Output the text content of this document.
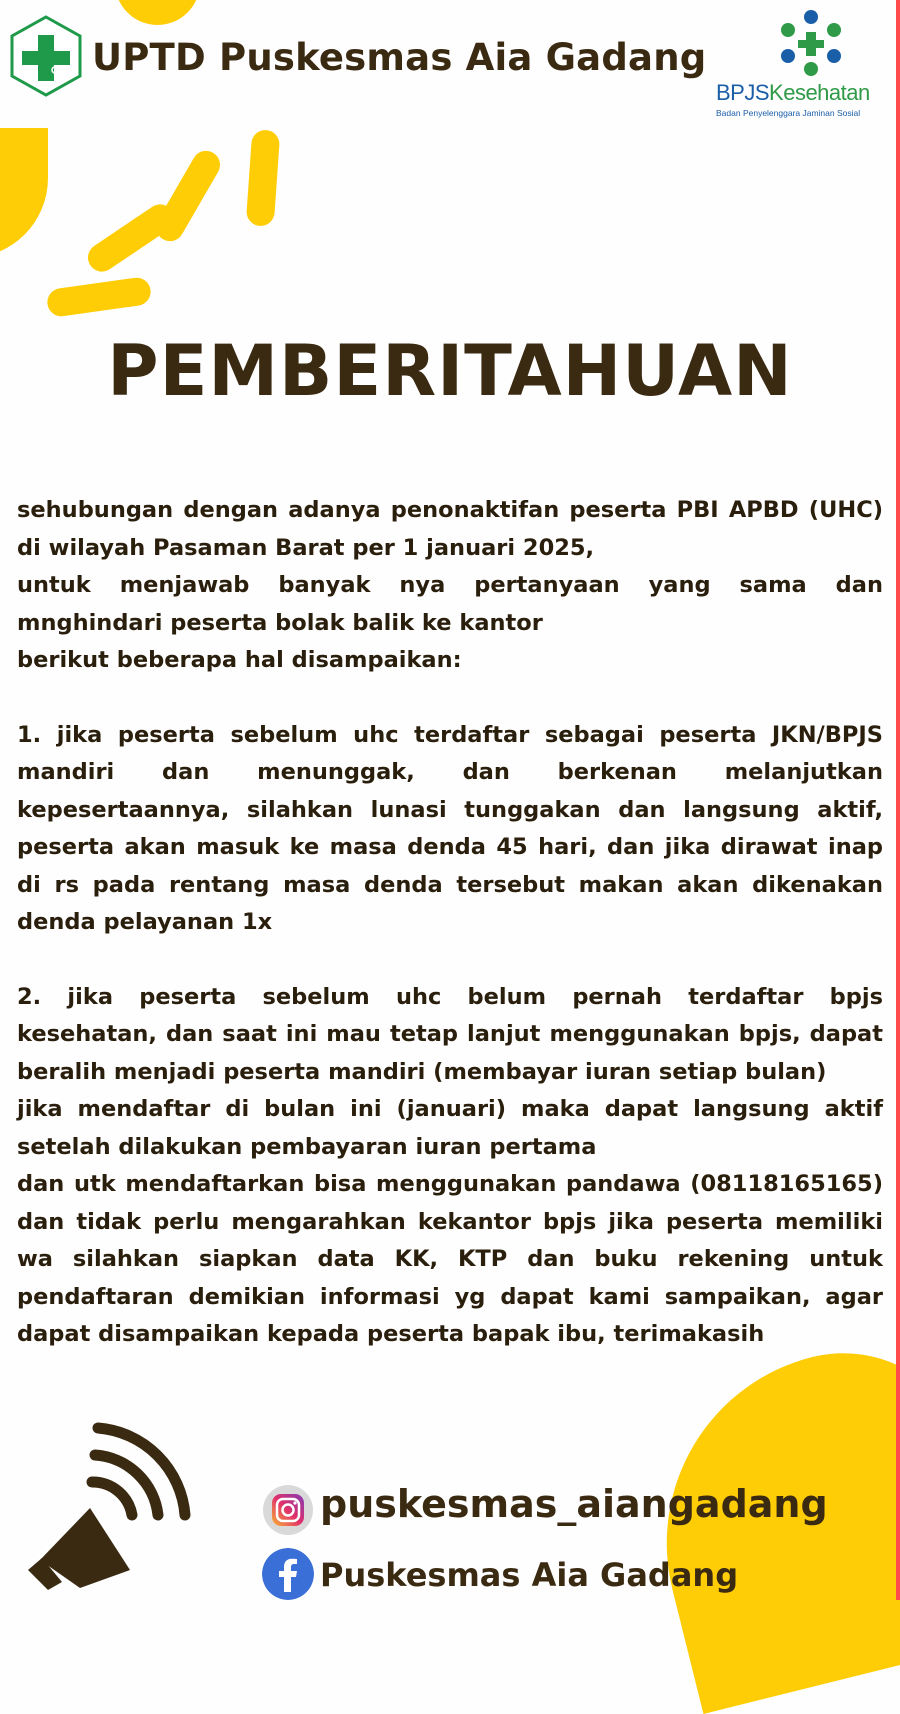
UPTD Puskesmas Aia Gadang
BPJSKesehatan
Badan Penyelenggara Jaminan Sosial
PEMBERITAHUAN

sehubungan dengan adanya penonaktifan peserta PBI APBD (UHC) di wilayah Pasaman Barat per 1 januari 2025,

untuk menjawab banyak nya pertanyaan yang sama dan mnghindari peserta bolak balik ke kantor

berikut beberapa hal disampaikan:

1. jika peserta sebelum uhc terdaftar sebagai peserta JKN/BPJS mandiri dan menunggak, dan berkenan melanjutkan kepesertaannya, silahkan lunasi tunggakan dan langsung aktif, peserta akan masuk ke masa denda 45 hari, dan jika dirawat inap di rs pada rentang masa denda tersebut makan akan dikenakan denda pelayanan 1x

2. jika peserta sebelum uhc belum pernah terdaftar bpjs kesehatan, dan saat ini mau tetap lanjut menggunakan bpjs, dapat beralih menjadi peserta mandiri (membayar iuran setiap bulan)

jika mendaftar di bulan ini (januari) maka dapat langsung aktif setelah dilakukan pembayaran iuran pertama

dan utk mendaftarkan bisa menggunakan pandawa (08118165165) dan tidak perlu mengarahkan kekantor bpjs jika peserta memiliki wa silahkan siapkan data KK, KTP dan buku rekening untuk pendaftaran demikian informasi yg dapat kami sampaikan, agar dapat disampaikan kepada peserta bapak ibu, terimakasih

puskesmas_aiangadang
Puskesmas Aia Gadang
